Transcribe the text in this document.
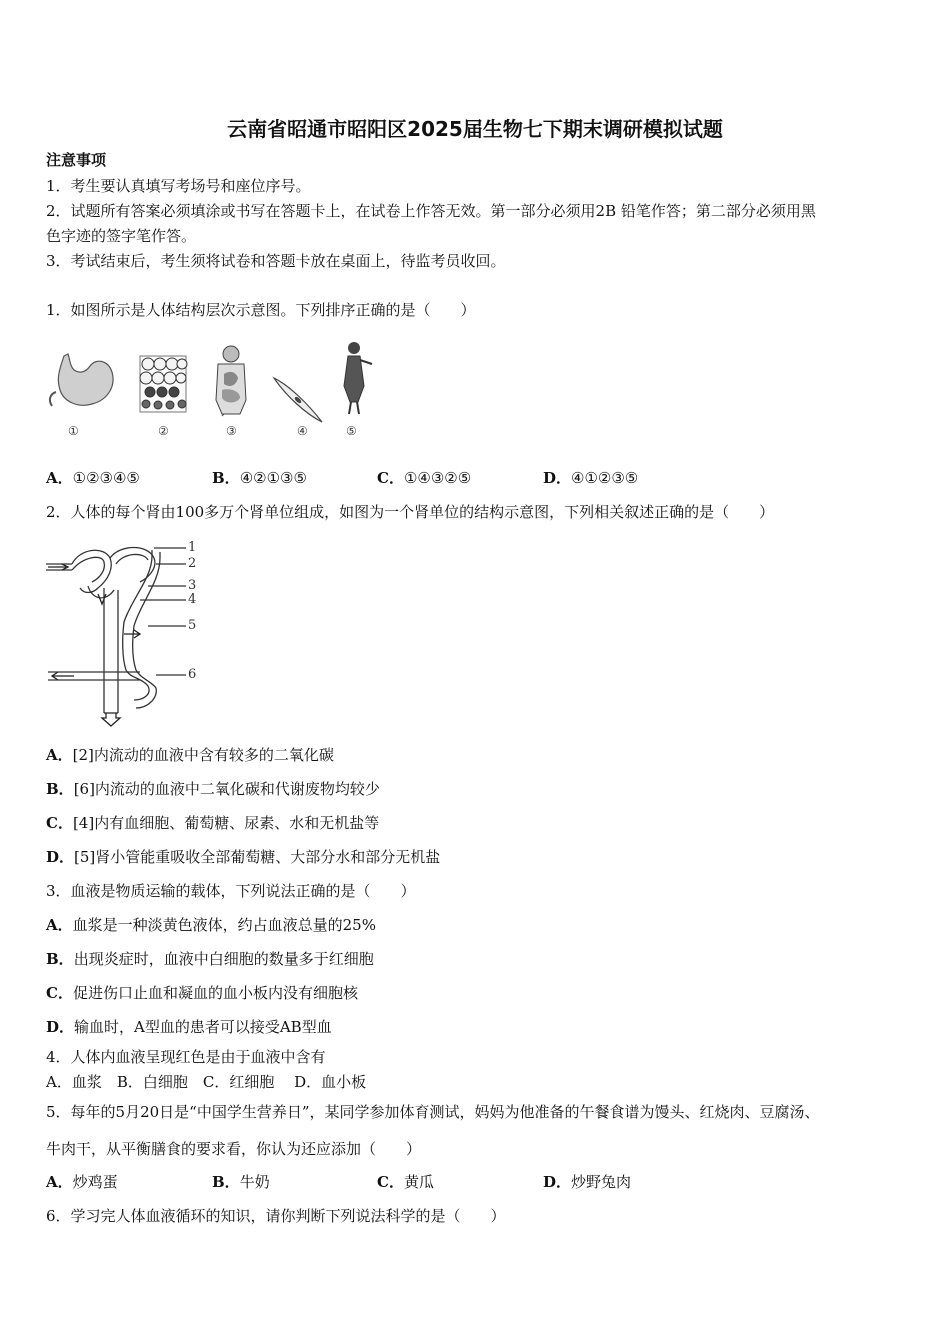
云南省昭通市昭阳区2025届生物七下期末调研模拟试题
注意事项
1．考生要认真填写考场号和座位序号。
2．试题所有答案必须填涂或书写在答题卡上，在试卷上作答无效。第一部分必须用2B 铅笔作答；第二部分必须用黑
色字迹的签字笔作答。
3．考试结束后，考生须将试卷和答题卡放在桌面上，待监考员收回。
1．如图所示是人体结构层次示意图。下列排序正确的是（　　）
①	②	③	④	⑤
A．①②③④⑤	B．④②①③⑤	C．①④③②⑤	D．④①②③⑤
2．人体的每个肾由100多万个肾单位组成，如图为一个肾单位的结构示意图，下列相关叙述正确的是（　　）
1
2
3
4
5
6
A．[2]内流动的血液中含有较多的二氧化碳
B．[6]内流动的血液中二氧化碳和代谢废物均较少
C．[4]内有血细胞、葡萄糖、尿素、水和无机盐等
D．[5]肾小管能重吸收全部葡萄糖、大部分水和部分无机盐
3．血液是物质运输的载体，下列说法正确的是（　　）
A．血浆是一种淡黄色液体，约占血液总量的25%
B．出现炎症时，血液中白细胞的数量多于红细胞
C．促进伤口止血和凝血的血小板内没有细胞核
D．输血时，A型血的患者可以接受AB型血
4．人体内血液呈现红色是由于血液中含有
A．血浆　B．白细胞　C．红细胞　 D．血小板
5．每年的5月20日是“中国学生营养日”，某同学参加体育测试，妈妈为他准备的午餐食谱为馒头、红烧肉、豆腐汤、
牛肉干，从平衡膳食的要求看，你认为还应添加（　　）
A．炒鸡蛋	B．牛奶	C．黄瓜	D．炒野兔肉
6．学习完人体血液循环的知识，请你判断下列说法科学的是（　　）
